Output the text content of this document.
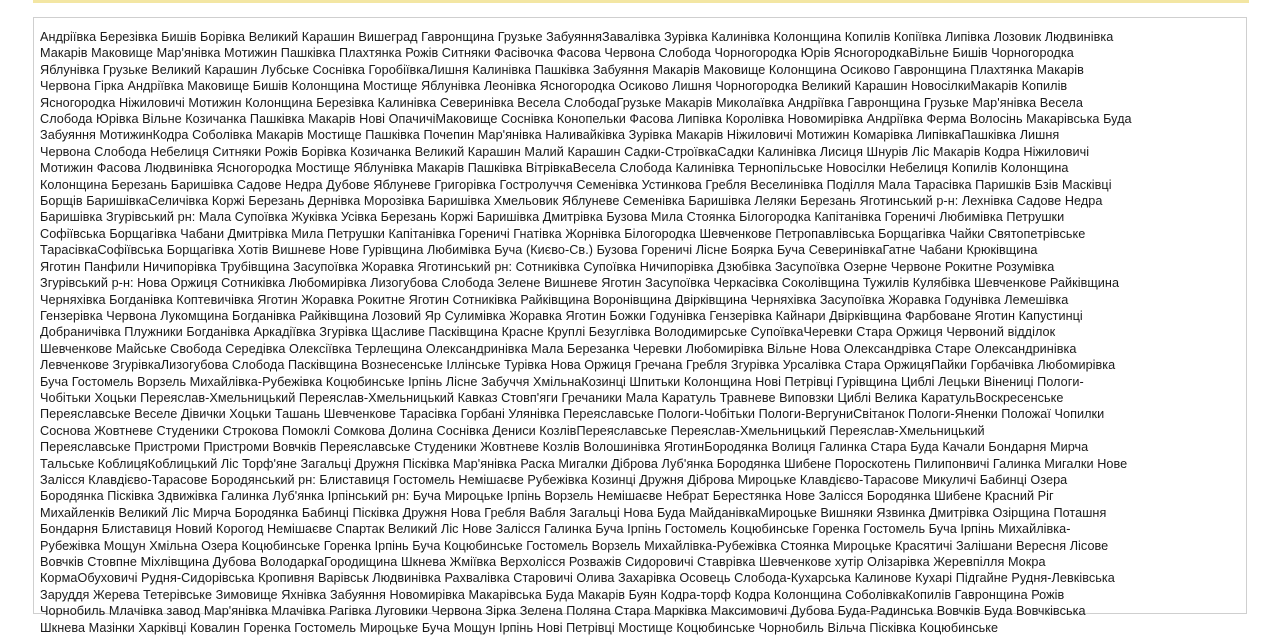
Андріївка Березівка Бишів Борівка Великий Карашин Вишеград Гавронщина Грузьке ЗабуянняЗавалівка Зурівка Калинівка Колонщина Копилів Копіївка Липівка Лозовик Людвинівка
Макарів Маковище Мар'янівка Мотижин Пашківка Плахтянка Рожів Ситняки Фасівочка Фасова Червона Слобода Чорногородка Юрів ЯсногородкаВільне Бишів Чорногородка
Яблунівка Грузьке Великий Карашин Лубське Соснівка ГоробіївкаЛишня Калинівка Пашківка Забуяння Макарів Маковище Колонщина Осиково Гавронщина Плахтянка Макарів
Червона Гірка Андріївка Маковище Бишів Колонщина Мостище Яблунівка Леонівка Ясногородка Осиково Лишня Чорногородка Великий Карашин НовосілкиМакарів Копилів
Ясногородка Ніжиловичі Мотижин Колонщина Березівка Калинівка Северинівка Весела СлободаГрузьке Макарів Миколаївка Андріївка Гавронщина Грузьке Мар'янівка Весела
Слобода Юрівка Вільне Козичанка Пашківка Макарів Нові ОпачичіМаковище Соснівка Конопельки Фасова Липівка Королівка Новомирівка Андріївка Ферма Волосінь Макарівська Буда
Забуяння МотижинКодра Соболівка Макарів Мостище Пашківка Почепин Мар'янівка Наливайківка Зурівка Макарів Ніжиловичі Мотижин Комарівка ЛипівкаПашківка Лишня
Червона Слобода Небелиця Ситняки Рожів Борівка Козичанка Великий Карашин Малий Карашин Садки-СтроївкаСадки Калинівка Лисиця Шнурів Ліс Макарів Кодра Ніжиловичі
Мотижин Фасова Людвинівка Ясногородка Мостище Яблунівка Макарів Пашківка ВітрівкаВесела Слобода Калинівка Тернопільське Новосілки Небелиця Копилів Колонщина
Колонщина Березань Баришівка Садове Недра Дубове Яблуневе Григорівка Гостролуччя Семенівка Устинкова Гребля Веселинівка Поділля Мала Тарасівка Паришків Бзів Масківці
Борщів БаришівкаСеличівка Коржі Березань Дернівка Морозівка Баришівка Хмельовик Яблуневе Семенівка Баришівка Леляки Березань Яготинський р-н: Лехнівка Садове Недра
Баришівка Згурівський рн: Мала Супоївка Жуківка Усівка Березань Коржі Баришівка Дмитрівка Бузова Мила Стоянка Білогородка Капітанівка Гореничі Любимівка Петрушки
Софіївська Борщагівка Чабани Дмитрівка Мила Петрушки Капітанівка Гореничі Гнатівка Жорнівка Білогородка Шевченкове Петропавлівська Борщагівка Чайки Святопетрівське
ТарасівкаСофіївська Борщагівка Хотів Вишневе Нове Гурівщина Любимівка Буча (Києво-Св.) Бузова Гореничі Лісне Боярка Буча СеверинівкаГатне Чабани Крюківщина
Яготин Панфили Ничипорівка Трубівщина Засупоївка Жоравка Яготинський рн: Сотниківка Супоївка Ничипорівка Дзюбівка Засупоївка Озерне Червоне Рокитне Розумівка
Згурівський р-н: Нова Оржиця Сотниківка Любомирівка Лизогубова Слобода Зелене Вишневе Яготин Засупоївка Черкасівка Соколівщина Тужилів Кулябівка Шевченкове Райківщина
Черняхівка Богданівка Коптевичівка Яготин Жоравка Рокитне Яготин Сотниківка Райківщина Воронівщина Двірківщина Черняхівка Засупоївка Жоравка Годунівка Лемешівка
Гензерівка Червона Лукомщина Богданівка Райківщина Лозовий Яр Сулимівка Жоравка Яготин Божки Годунівка Гензерівка Кайнари Двірківщина Фарбоване Яготин Капустинці
Добраничівка Плужники Богданівка Аркадіївка Згурівка Щасливе Пасківщина Красне Круплі Безуглівка Володимирське СупоївкаЧеревки Стара Оржиця Червоний відділок
Шевченкове Майське Свобода Середівка Олексіївка Терлещина Олександринівка Мала Березанка Черевки Любомирівка Вільне Нова Олександрівка Старе Олександринівка
Левченкове ЗгурівкаЛизогубова Слобода Пасківщина Вознесенське Іллінське Турівка Нова Оржиця Гречана Гребля Згурівка Урсалівка Стара ОржицяПайки Горбачівка Любомирівка
Буча Гостомель Ворзель Михайлівка-Рубежівка Коцюбинське Ірпінь Лісне Забуччя ХмільнаКозинці Шпитьки Колонщина Нові Петрівці Гурівщина Циблі Лецьки Вінениці Пологи-
Чобітьки Хоцьки Переяслав-Хмельницький Переяслав-Хмельницький Кавказ Стовп'яги Гречаники Мала Каратуль Травневе Виповзки Циблі Велика КаратульВоскресенське
Переяславське Веселе Дівички Хоцьки Ташань Шевченкове Тарасівка Горбані Улянівка Переяславське Пологи-Чобітьки Пологи-ВергуниСвітанок Пологи-Яненки Положаї Чопилки
Соснова Жовтневе Студеники Строкова Помоклі Сомкова Долина Соснівка Дениси КозлівПереяславське Переяслав-Хмельницький Переяслав-Хмельницький
Переяславське Пристроми Пристроми Вовчків Переяславське Студеники Жовтневе Козлів Волошинівка ЯготинБородянка Волиця Галинка Стара Буда Качали Бондарня Мирча
Тальське КоблицяКоблицький Ліс Торф'яне Загальці Дружня Пісківка Мар'янівка Раска Мигалки Діброва Луб'янка Бородянка Шибене Пороскотень Пилипонвичі Галинка Мигалки Нове
Залісся Клавдієво-Тарасове Бородянський рн: Блиставиця Гостомель Немішаєве Рубежівка Козинці Дружня Діброва Мироцьке Клавдієво-Тарасове Микуличі Бабинці Озера
Бородянка Пісківка Здвижівка Галинка Луб'янка Ірпінський рн: Буча Мироцьке Ірпінь Ворзель Немішаєве Небрат Берестянка Нове Залісся Бородянка Шибене Красний Ріг
Михайленків Великий Ліс Мирча Бородянка Бабинці Пісківка Дружня Нова Гребля Вабля Загальці Нова Буда МайданівкаМироцьке Вишняки Язвинка Дмитрівка Озірщина Поташня
Бондарня Блиставиця Новий Корогод Немішаєве Спартак Великий Ліс Нове Залісся Галинка Буча Ірпінь Гостомель Коцюбинське Горенка Гостомель Буча Ірпінь Михайлівка-
Рубежівка Мощун Хмільна Озера Коцюбинське Горенка Ірпінь Буча Коцюбинське Гостомель Ворзель Михайлівка-Рубежівка Стоянка Мироцьке Красятичі Залішани Вересня Лісове
Вовчків Стовпне Міхлівщина Дубова ВолодаркаГородищина Шкнева Жміївка Верхолісся Розважів Сидоровичі Ставрівка Шевченкове хутір Олізарівка Жеревпілля Мокра
КормаОбуховичі Рудня-Сидорівська Кропивня Варівськ Людвинівка Рахвалівка Старовичі Олива Захарівка Осовець Слобода-Кухарська Калинове Кухарі Підгайне Рудня-Левківська
Заруддя Жерева Тетерівське Зимовище Яхнівка Забуяння Новомирівка Макарівська Буда Макарів Буян Кодра-торф Кодра Колонщина СоболівкаКопилів Гавронщина Рожів
Чорнобиль Млачівка завод Мар'янівка Млачівка Рагівка Луговики Червона Зірка Зелена Поляна Стара Марківка Максимовичі Дубова Буда-Радинська Вовчків Буда Вовчківська
Шкнева Мазінки Харківці Ковалин Горенка Гостомель Мироцьке Буча Мощун Ірпінь Нові Петрівці Мостище Коцюбинське Чорнобиль Вільча Пісківка Коцюбинське
